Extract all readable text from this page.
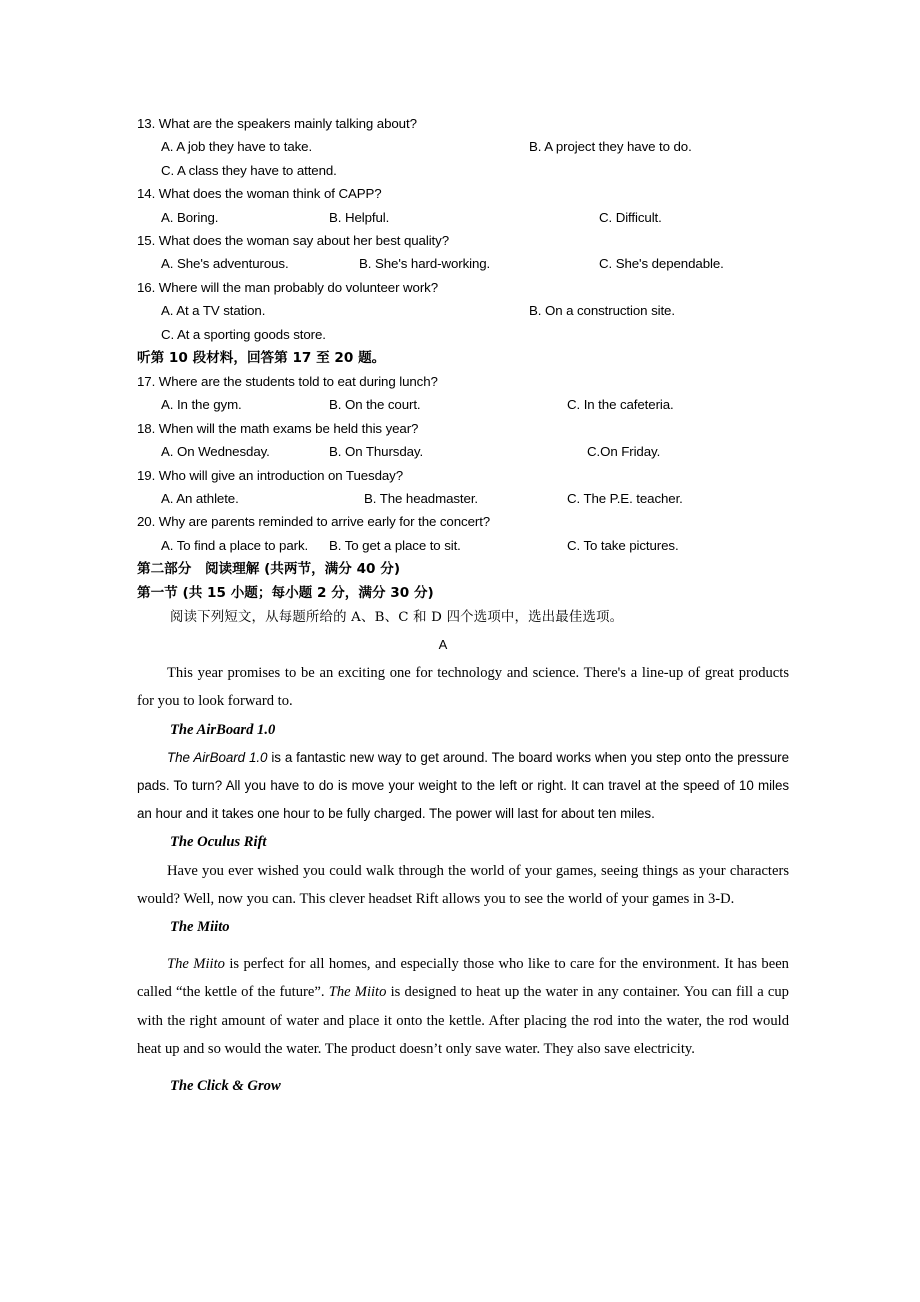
13. What are the speakers mainly talking about?
A. A job they have to take.	B. A project they have to do.
C. A class they have to attend.
14. What does the woman think of CAPP?
A. Boring.	B. Helpful.	C. Difficult.
15. What does the woman say about her best quality?
A. She's adventurous.	B. She's hard-working.	C. She's dependable.
16. Where will the man probably do volunteer work?
A. At a TV station.	B. On a construction site.
C. At a sporting goods store.
听第 10 段材料，回答第 17 至 20 题。
17. Where are the students told to eat during lunch?
A. In the gym.	B. On the court.	C. In the cafeteria.
18. When will the math exams be held this year?
A. On Wednesday.	B. On Thursday.	C.On Friday.
19. Who will give an introduction on Tuesday?
A. An athlete.	B. The headmaster.	C. The P.E. teacher.
20. Why are parents reminded to arrive early for the concert?
A. To find a place to park. B. To get a place to sit.	C. To take pictures.
第二部分　阅读理解 (共两节，满分 40 分)
第一节 (共 15 小题；每小题 2 分，满分 30 分)
阅读下列短文，从每题所给的 A、B、C 和 D 四个选项中，选出最佳选项。
A

This year promises to be an exciting one for technology and science. There's a line-up of great products for you to look forward to.

The AirBoard 1.0

The AirBoard 1.0 is a fantastic new way to get around. The board works when you step onto the pressure pads. To turn? All you have to do is move your weight to the left or right. It can travel at the speed of 10 miles an hour and it takes one hour to be fully charged. The power will last for about ten miles.

The Oculus Rift

Have you ever wished you could walk through the world of your games, seeing things as your characters would? Well, now you can. This clever headset Rift allows you to see the world of your games in 3-D.

The Miito

The Miito is perfect for all homes, and especially those who like to care for the environment. It has been called “the kettle of the future”. The Miito is designed to heat up the water in any container. You can fill a cup with the right amount of water and place it onto the kettle. After placing the rod into the water, the rod would heat up and so would the water. The product doesn’t only save water. They also save electricity.

The Click & Grow
